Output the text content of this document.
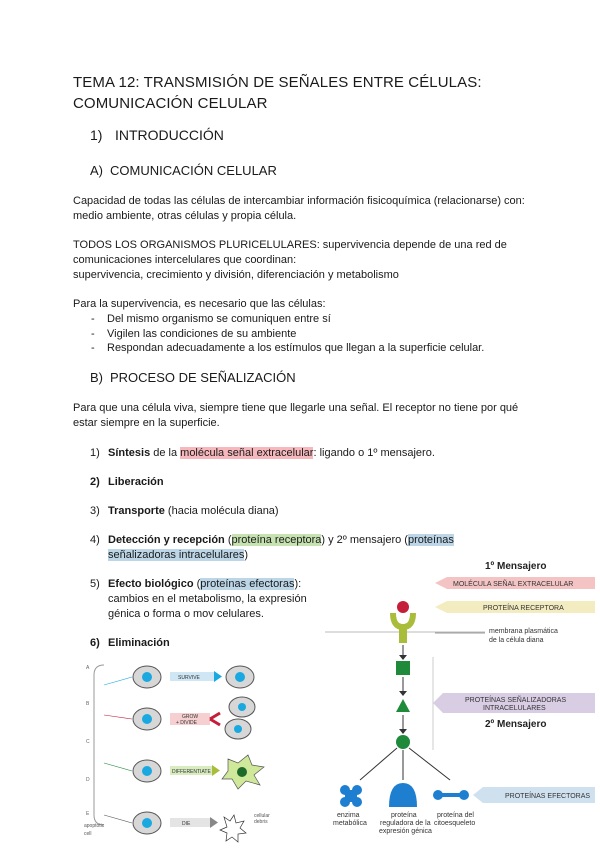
TEMA 12: TRANSMISIÓN DE SEÑALES ENTRE CÉLULAS:
COMUNICACIÓN CELULAR
1) INTRODUCCIÓN
A) COMUNICACIÓN CELULAR
Capacidad de todas las células de intercambiar información fisicoquímica (relacionarse) con:
medio ambiente, otras células y propia célula.
TODOS LOS ORGANISMOS PLURICELULARES: supervivencia depende de una red de
comunicaciones intercelulares que coordinan:
supervivencia, crecimiento y división, diferenciación y metabolismo
Para la supervivencia, es necesario que las células:
- Del mismo organismo se comuniquen entre sí
- Vigilen las condiciones de su ambiente
- Respondan adecuadamente a los estímulos que llegan a la superficie celular.
B) PROCESO DE SEÑALIZACIÓN
Para que una célula viva, siempre tiene que llegarle una señal. El receptor no tiene por qué
estar siempre en la superficie.
1) Síntesis de la molécula señal extracelular: ligando o 1º mensajero.
2) Liberación
3) Transporte (hacia molécula diana)
4) Detección y recepción (proteína receptora) y 2º mensajero (proteínas
señalizadoras intracelulares)
5) Efecto biológico (proteínas efectoras):
cambios en el metabolismo, la expresión
génica o forma o mov celulares.
6) Eliminación
1º Mensajero
MOLÉCULA SEÑAL EXTRACELULAR
PROTEÍNA RECEPTORA
membrana plasmática
de la célula diana
PROTEÍNAS SEÑALIZADORAS
INTRACELULARES
2º Mensajero
PROTEÍNAS EFECTORAS
enzima
metabólica
proteína
reguladora de la
expresión génica
proteína del
citoesqueleto
A
B
C
D
E
SURVIVE
GROW
+ DIVIDE
DIFFERENTIATE
DIE
cellular
debris
apoptotic
cell
